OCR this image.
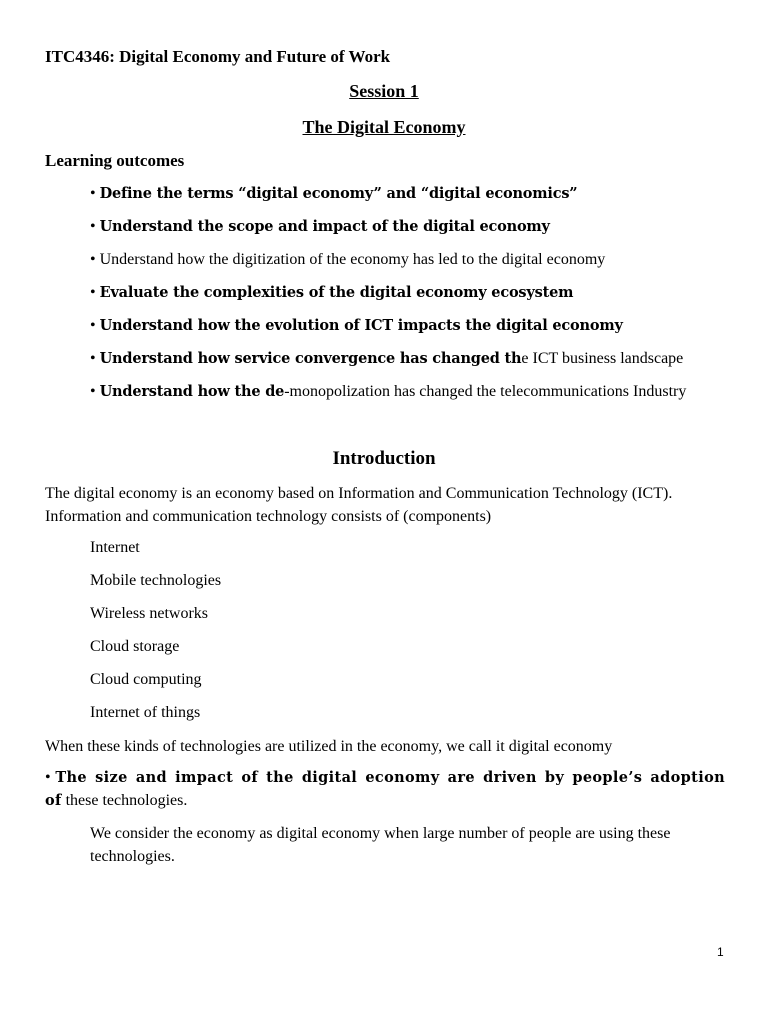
ITC4346: Digital Economy and Future of Work
Session 1
The Digital Economy
Learning outcomes
• Define the terms “digital economy” and “digital economics”
• Understand the scope and impact of the digital economy
• Understand how the digitization of the economy has led to the digital economy
• Evaluate the complexities of the digital economy ecosystem
• Understand how the evolution of ICT impacts the digital economy
• Understand how service convergence has changed the ICT business landscape
• Understand how the de-monopolization has changed the telecommunications Industry
Introduction
The digital economy is an economy based on Information and Communication Technology (ICT). Information and communication technology consists of (components)
Internet
Mobile technologies
Wireless networks
Cloud storage
Cloud computing
Internet of things
When these kinds of technologies are utilized in the economy, we call it digital economy
• The size and impact of the digital economy are driven by people’s adoption of these technologies.
We consider the economy as digital economy when large number of people are using these technologies.
1
